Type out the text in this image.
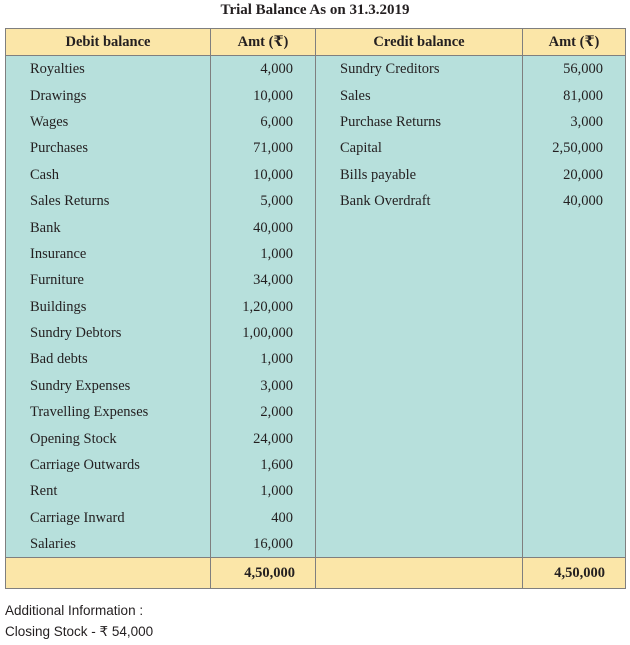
Trial Balance As on 31.3.2019
Debit balance	Amt (₹)	Credit balance	Amt (₹)
Royalties	4,000	Sundry Creditors	56,000
Drawings	10,000	Sales	81,000
Wages	6,000	Purchase Returns	3,000
Purchases	71,000	Capital	2,50,000
Cash	10,000	Bills payable	20,000
Sales Returns	5,000	Bank Overdraft	40,000
Bank	40,000		
Insurance	1,000		
Furniture	34,000		
Buildings	1,20,000		
Sundry Debtors	1,00,000		
Bad debts	1,000		
Sundry Expenses	3,000		
Travelling Expenses	2,000		
Opening Stock	24,000		
Carriage Outwards	1,600		
Rent	1,000		
Carriage Inward	400		
Salaries	16,000		
	4,50,000		4,50,000
Additional Information :
Closing Stock - ₹ 54,000
